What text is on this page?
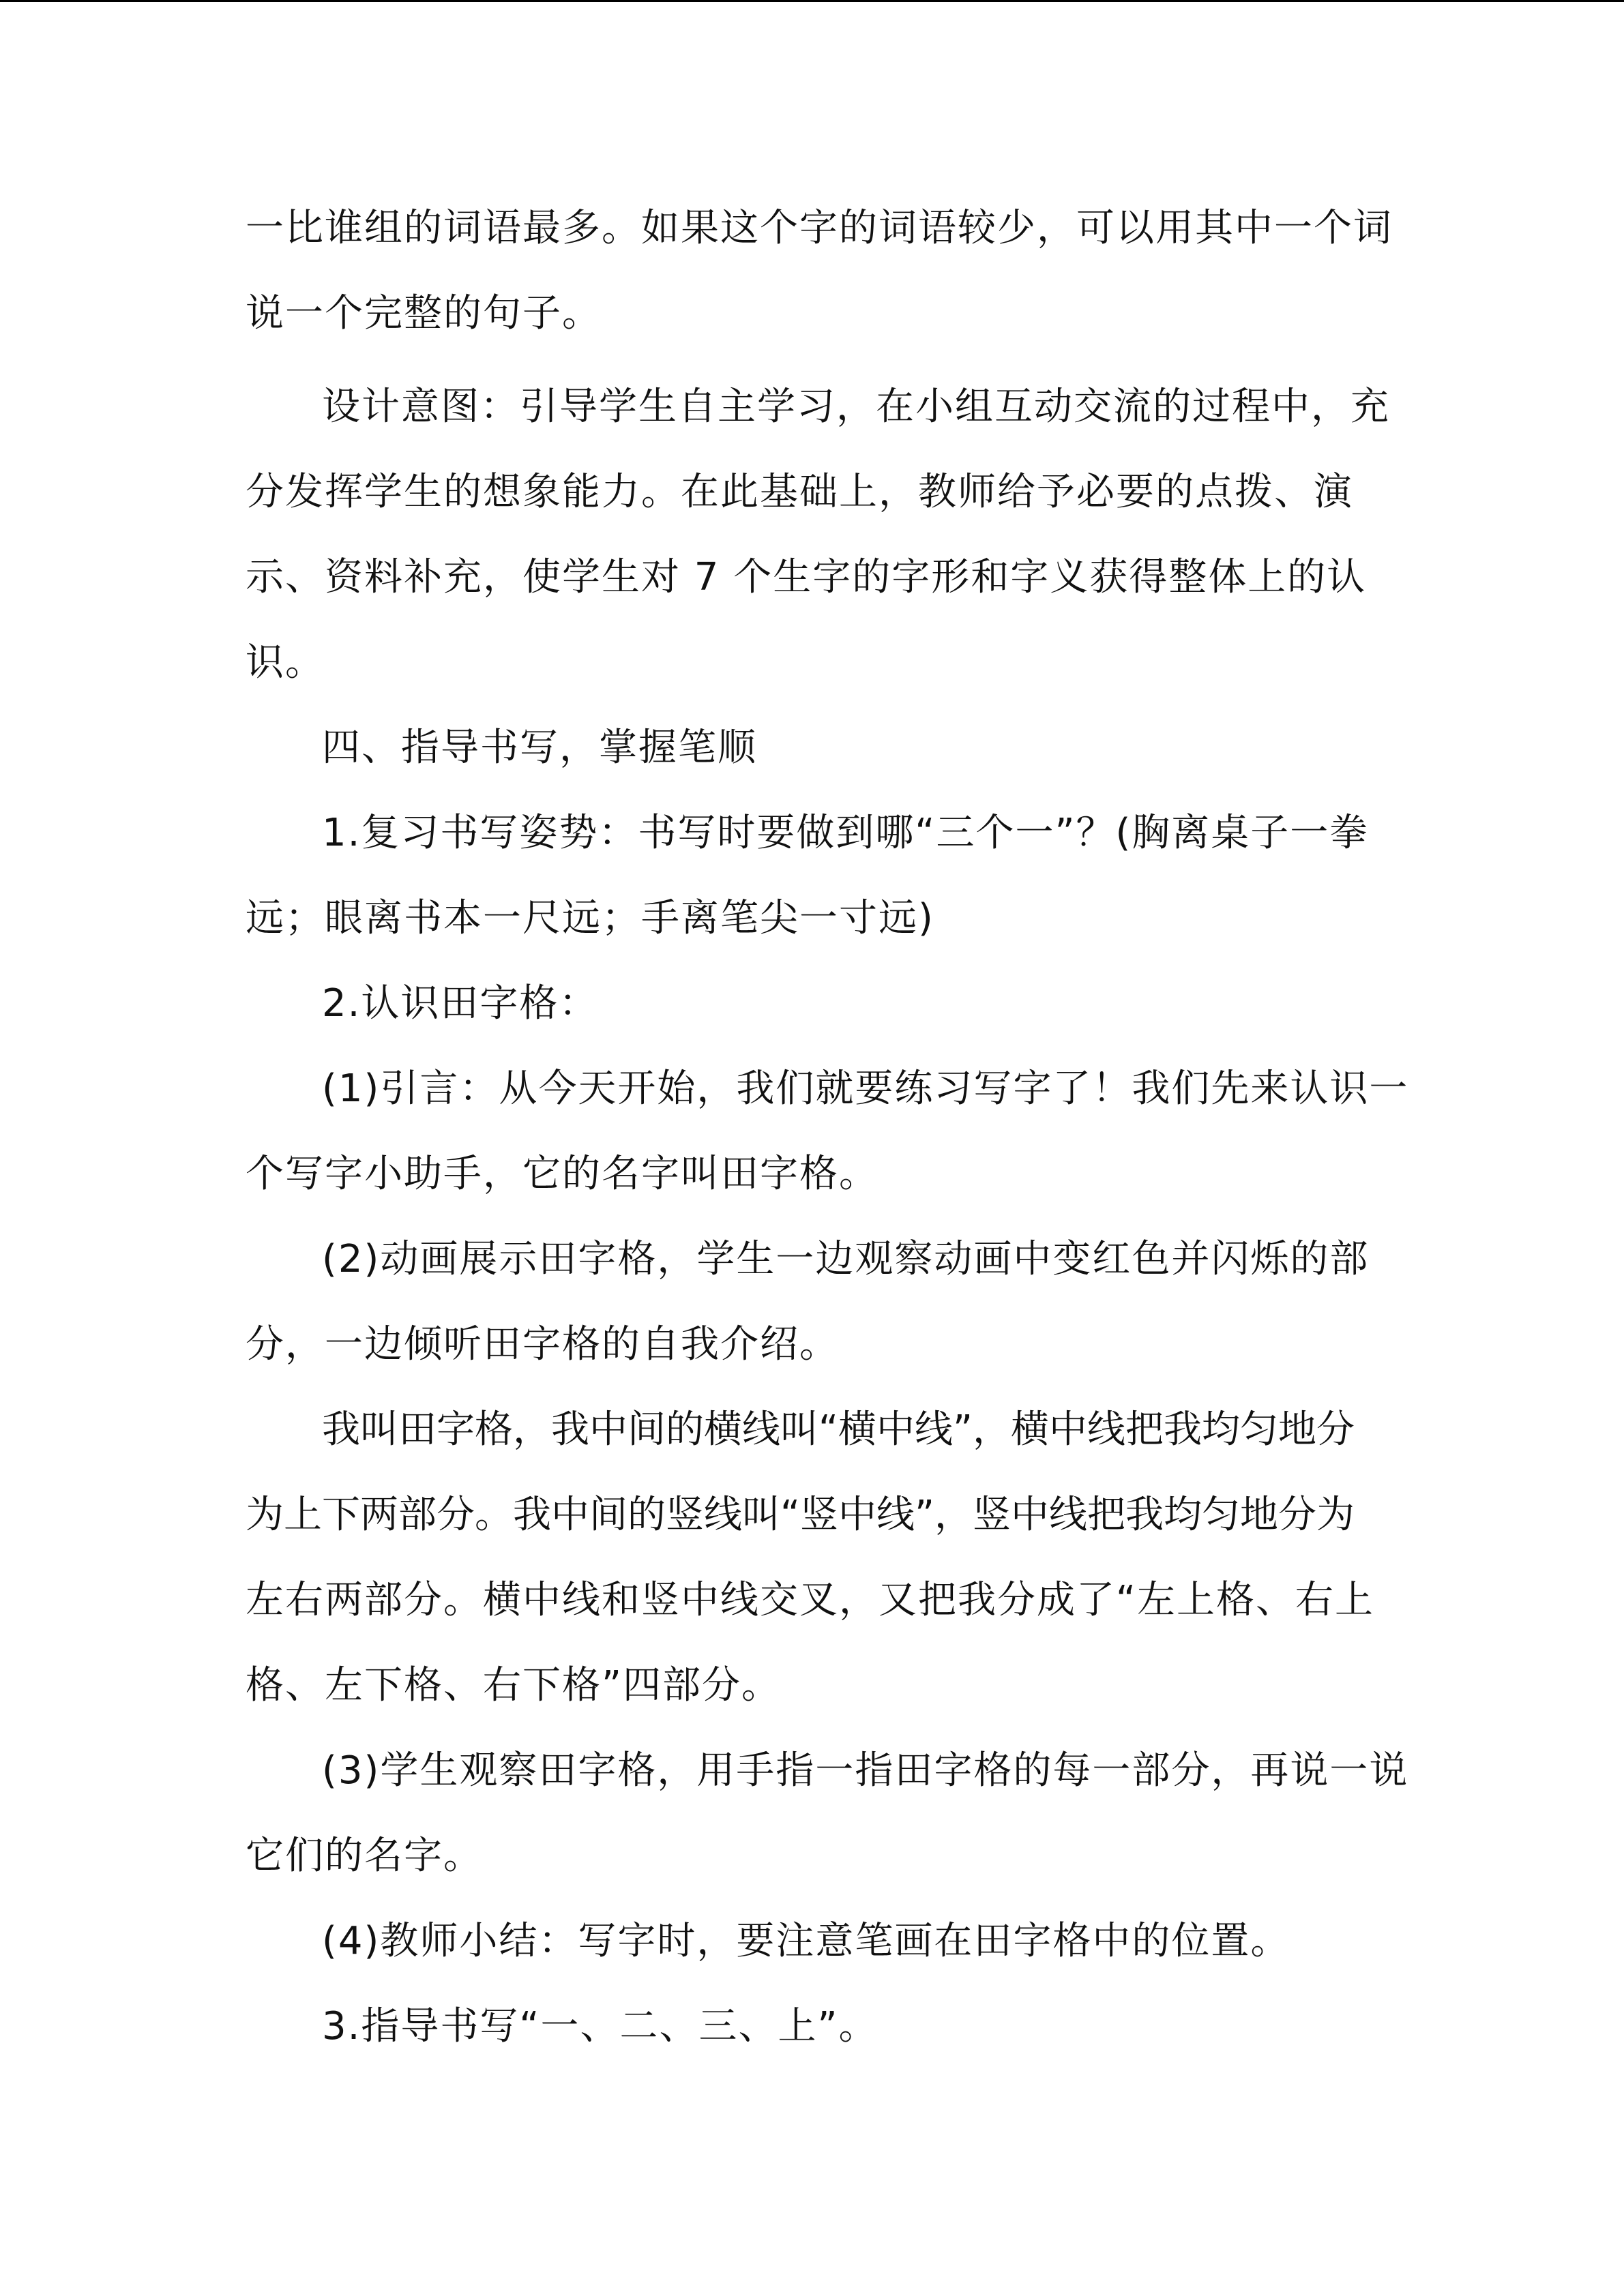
一比谁组的词语最多。如果这个字的词语较少，可以用其中一个词
说一个完整的句子。
设计意图：引导学生自主学习，在小组互动交流的过程中，充
分发挥学生的想象能力。在此基础上，教师给予必要的点拨、演
示、资料补充，使学生对 7 个生字的字形和字义获得整体上的认
识。
四、指导书写，掌握笔顺
1.复习书写姿势：书写时要做到哪“三个一”？(胸离桌子一拳
远；眼离书本一尺远；手离笔尖一寸远)
2.认识田字格：
(1)引言：从今天开始，我们就要练习写字了！我们先来认识一
个写字小助手，它的名字叫田字格。
(2)动画展示田字格，学生一边观察动画中变红色并闪烁的部
分，一边倾听田字格的自我介绍。
我叫田字格，我中间的横线叫“横中线”，横中线把我均匀地分
为上下两部分。我中间的竖线叫“竖中线”，竖中线把我均匀地分为
左右两部分。横中线和竖中线交叉，又把我分成了“左上格、右上
格、左下格、右下格”四部分。
(3)学生观察田字格，用手指一指田字格的每一部分，再说一说
它们的名字。
(4)教师小结：写字时，要注意笔画在田字格中的位置。
3.指导书写“一、二、三、上”。
